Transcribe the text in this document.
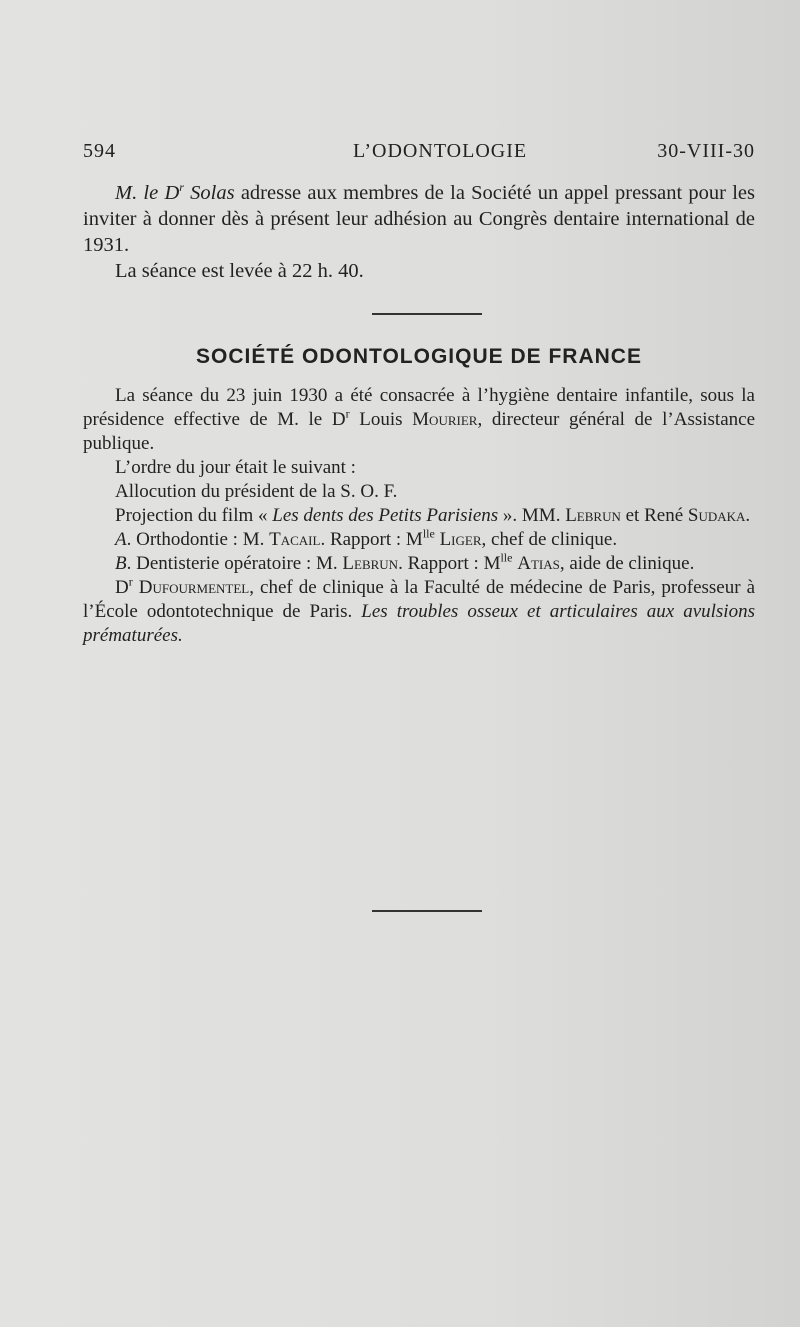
594	L’ODONTOLOGIE	30-VIII-30

M. le $D^r$ Solas adresse aux membres de la Société un appel pressant pour les inviter à donner dès à présent leur adhésion au Congrès dentaire international de 1931.

La séance est levée à 22 h. 40.

SOCIÉTÉ ODONTOLOGIQUE DE FRANCE

La séance du 23 juin 1930 a été consacrée à l’hygiène dentaire infantile, sous la présidence effective de M. le $D^r$ Louis Mourier, directeur général de l’Assistance publique.

L’ordre du jour était le suivant :

Allocution du président de la S. O. F.

Projection du film « Les dents des Petits Parisiens ». MM. Lebrun et René Sudaka.

A. Orthodontie : M. Tacail. Rapport : $M^{lle}$ Liger, chef de clinique.

B. Dentisterie opératoire : M. Lebrun. Rapport : $M^{lle}$ Atias, aide de clinique.

$D^r$ Dufourmentel, chef de clinique à la Faculté de médecine de Paris, professeur à l’École odontotechnique de Paris. Les troubles osseux et articulaires aux avulsions prématurées.
